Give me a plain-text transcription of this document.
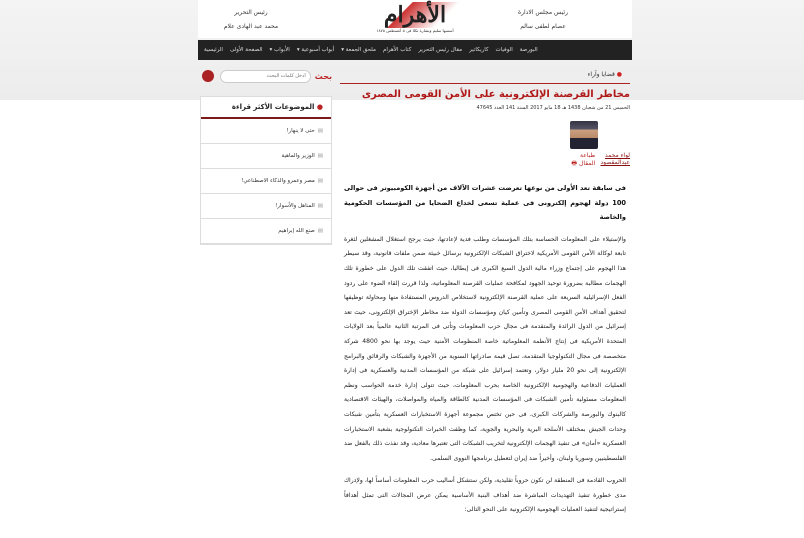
رئيس التحرير
محمد عبد الهادى علام	الأهرام
أسسها سليم وبشارة تكلا فى ٥ أغسطس ١٨٧٥
رئيس مجلس الادارة
عصام لطفى سالم
الرئيسية الصفحة الأولى الأبواب ▾ أبواب أسبوعية ▾ ملحق الجمعة ▾ كتاب الأهرام مقال رئيس التحرير كاريكاتير الوفيات البورصة
أدخل كلمات البحث
بحث
● الموضوعات الأكثر قراءة
▤حتى لا ينهار!
▤الوزير والماهية
▤مصر وعمرو والذكاء الاصطناعي!
▤المناهل والأسوار!
▤صنع الله إبراهيم
● قضايا وآراء
مخاطر القرصنة الإلكترونية على الأمن القومى المصرى
الخميس 21 من شعبان 1438 هـ 18 مايو 2017 السنة 141 العدد 47645
لواء محمد عبدالمقصود
طباعة المقال 🖶

فى سابقة تعد الأولى من نوعها تعرضت عشرات الآلاف من أجهزة الكومبيوتر فى حوالى 100 دولة لهجوم إلكترونى فى عملية تسعى لخداع الضحايا من المؤسسات الحكومية والخاصة

والإستيلاء على المعلومات الحساسة بتلك المؤسسات وطلب فدية لإعادتها، حيث يرجح استغلال المشغلين لثغرة تابعة لوكالة الأمن القومى الأمريكية لاختراق الشبكات الإلكترونية برسائل خبيثة ضمن ملفات قانونية، وقد سيطر هذا الهجوم على إجتماع وزراء مالية الدول السبع الكبرى فى إيطاليا، حيث اتفقت تلك الدول على خطورة تلك الهجمات مطالبة بضرورة توحيد الجهود لمكافحة عمليات القرصنة المعلوماتية، ولذا قررت إلقاء الضوء على ردود الفعل الإسرائيلية السريعة على عملية القرصنة الإلكترونية لاستخلاص الدروس المستفادة منها ومحاولة توظيفها لتحقيق أهداف الأمن القومى المصرى وتأمين كيان ومؤسسات الدولة ضد مخاطر الإختراق الإلكترونى، حيث تعد إسرائيل من الدول الرائدة والمتقدمة فى مجال حرب المعلومات وتأتى فى المرتبة الثانية عالمياً بعد الولايات المتحدة الأمريكية فى إنتاج الأنظمة المعلوماتية خاصة المنظومات الأمنية حيث يوجد بها نحو 4800 شركة متخصصة فى مجال التكنولوجيا المتقدمة، تصل قيمة صادراتها السنوية من الأجهزة والشبكات والرقائق والبرامج الإلكترونية إلى نحو 20 مليار دولار، وتعتمد إسرائيل على شبكة من المؤسسات المدنية والعسكرية فى إدارة العمليات الدفاعية والهجومية الإلكترونية الخاصة بحرب المعلومات، حيث تتولى إدارة خدمة الحواسب ونظم المعلومات مسئولية تأمين الشبكات فى المؤسسات المدنية كالطاقة والمياه والمواصلات، والهيئات الاقتصادية كالبنوك والبورصة والشركات الكبرى، فى حين تختص مجموعة أجهزة الاستخبارات العسكرية بتأمين شبكات وحدات الجيش بمختلف الأسلحة البرية والبحرية والجوية، كما وظفت الخبرات التكنولوجية بشعبة الاستخبارات العسكرية «أمان» فى تنفيذ الهجمات الإلكترونية لتخريب الشبكات التى تعتبرها معادية، وقد نفذت ذلك بالفعل ضد الفلسطينيين وسوريا ولبنان، وأخيراً ضد إيران لتعطيل برنامجها النووى السلمى.

الحروب القادمة فى المنطقة لن تكون حروباً تقليدية، ولكن ستشكل أساليب حرب المعلومات أساساً لها، ولإدراك مدى خطورة تنفيذ التهديدات المباشرة ضد أهداف البنية الأساسية يمكن عرض المجالات التى تمثل أهدافاً إستراتيجية لتنفيذ العمليات الهجومية الإلكترونية على النحو التالى:
